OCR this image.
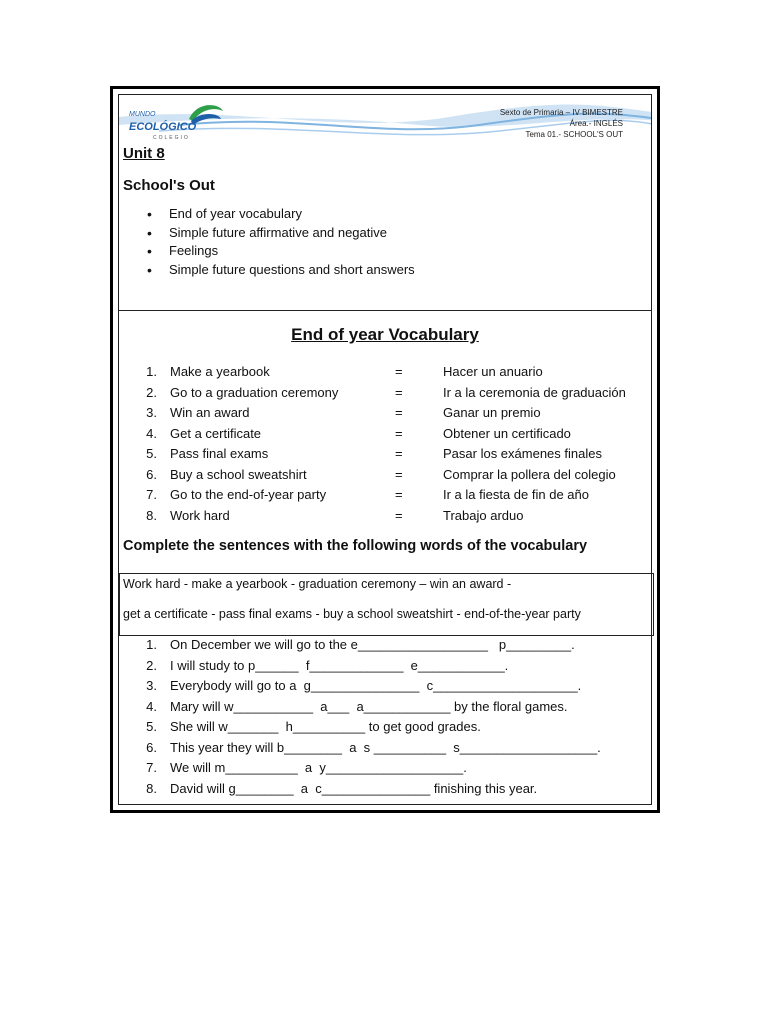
MUNDO
ECOLÓGICO
COLEGIO
Sexto de Primaria – IV BIMESTRE
Área.- INGLÉS
Tema 01.- SCHOOL'S OUT
Unit 8
School's Out
• End of year vocabulary
• Simple future affirmative and negative
• Feelings
• Simple future questions and short answers
End of year Vocabulary
1. Make a yearbook	=	Hacer un anuario
2. Go to a graduation ceremony	=	Ir a la ceremonia de graduación
3. Win an award	=	Ganar un premio
4. Get a certificate	=	Obtener un certificado
5. Pass final exams	=	Pasar los exámenes finales
6. Buy a school sweatshirt	=	Comprar la pollera del colegio
7. Go to the end-of-year party	=	Ir a la fiesta de fin de año
8. Work hard	=	Trabajo arduo
Complete the sentences with the following words of the vocabulary
Work hard - make a yearbook - graduation ceremony – win an award -
get a certificate - pass final exams - buy a school sweatshirt - end-of-the-year party
1. On December we will go to the e__________________   p_________.
2. I will study to p______  f_____________  e____________.
3. Everybody will go to a  g_______________  c____________________.
4. Mary will w___________  a___  a____________ by the floral games.
5. She will w_______  h__________ to get good grades.
6. This year they will b________  a  s __________  s___________________.
7. We will m__________  a  y___________________.
8. David will g________  a  c_______________ finishing this year.
